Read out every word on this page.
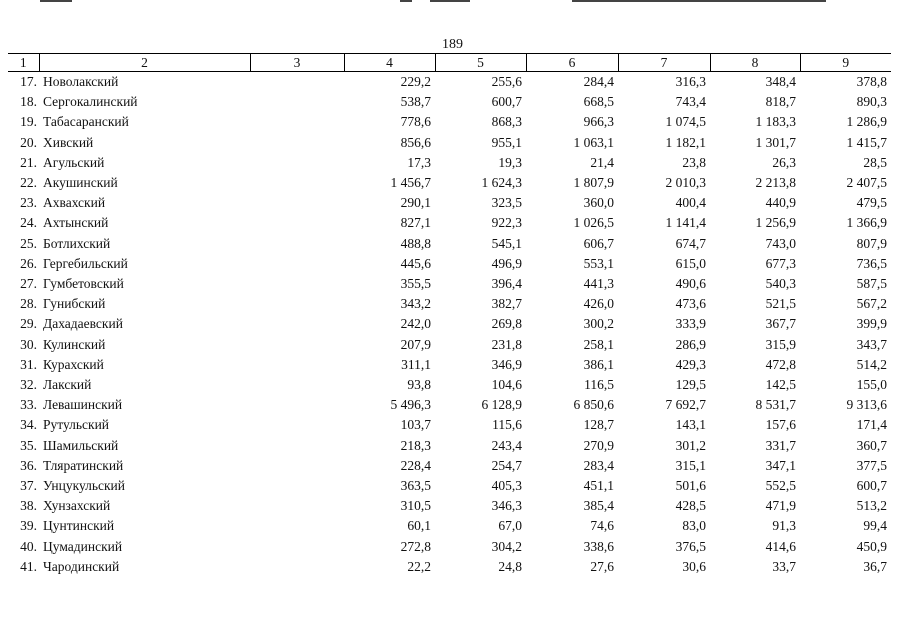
189
1	2	3	4	5	6	7	8	9
17.	Новолакский		229,2	255,6	284,4	316,3	348,4	378,8
18.	Сергокалинский		538,7	600,7	668,5	743,4	818,7	890,3
19.	Табасаранский		778,6	868,3	966,3	1 074,5	1 183,3	1 286,9
20.	Хивский		856,6	955,1	1 063,1	1 182,1	1 301,7	1 415,7
21.	Агульский		17,3	19,3	21,4	23,8	26,3	28,5
22.	Акушинский		1 456,7	1 624,3	1 807,9	2 010,3	2 213,8	2 407,5
23.	Ахвахский		290,1	323,5	360,0	400,4	440,9	479,5
24.	Ахтынский		827,1	922,3	1 026,5	1 141,4	1 256,9	1 366,9
25.	Ботлихский		488,8	545,1	606,7	674,7	743,0	807,9
26.	Гергебильский		445,6	496,9	553,1	615,0	677,3	736,5
27.	Гумбетовский		355,5	396,4	441,3	490,6	540,3	587,5
28.	Гунибский		343,2	382,7	426,0	473,6	521,5	567,2
29.	Дахадаевский		242,0	269,8	300,2	333,9	367,7	399,9
30.	Кулинский		207,9	231,8	258,1	286,9	315,9	343,7
31.	Курахский		311,1	346,9	386,1	429,3	472,8	514,2
32.	Лакский		93,8	104,6	116,5	129,5	142,5	155,0
33.	Левашинский		5 496,3	6 128,9	6 850,6	7 692,7	8 531,7	9 313,6
34.	Рутульский		103,7	115,6	128,7	143,1	157,6	171,4
35.	Шамильский		218,3	243,4	270,9	301,2	331,7	360,7
36.	Тляратинский		228,4	254,7	283,4	315,1	347,1	377,5
37.	Унцукульский		363,5	405,3	451,1	501,6	552,5	600,7
38.	Хунзахский		310,5	346,3	385,4	428,5	471,9	513,2
39.	Цунтинский		60,1	67,0	74,6	83,0	91,3	99,4
40.	Цумадинский		272,8	304,2	338,6	376,5	414,6	450,9
41.	Чародинский		22,2	24,8	27,6	30,6	33,7	36,7
